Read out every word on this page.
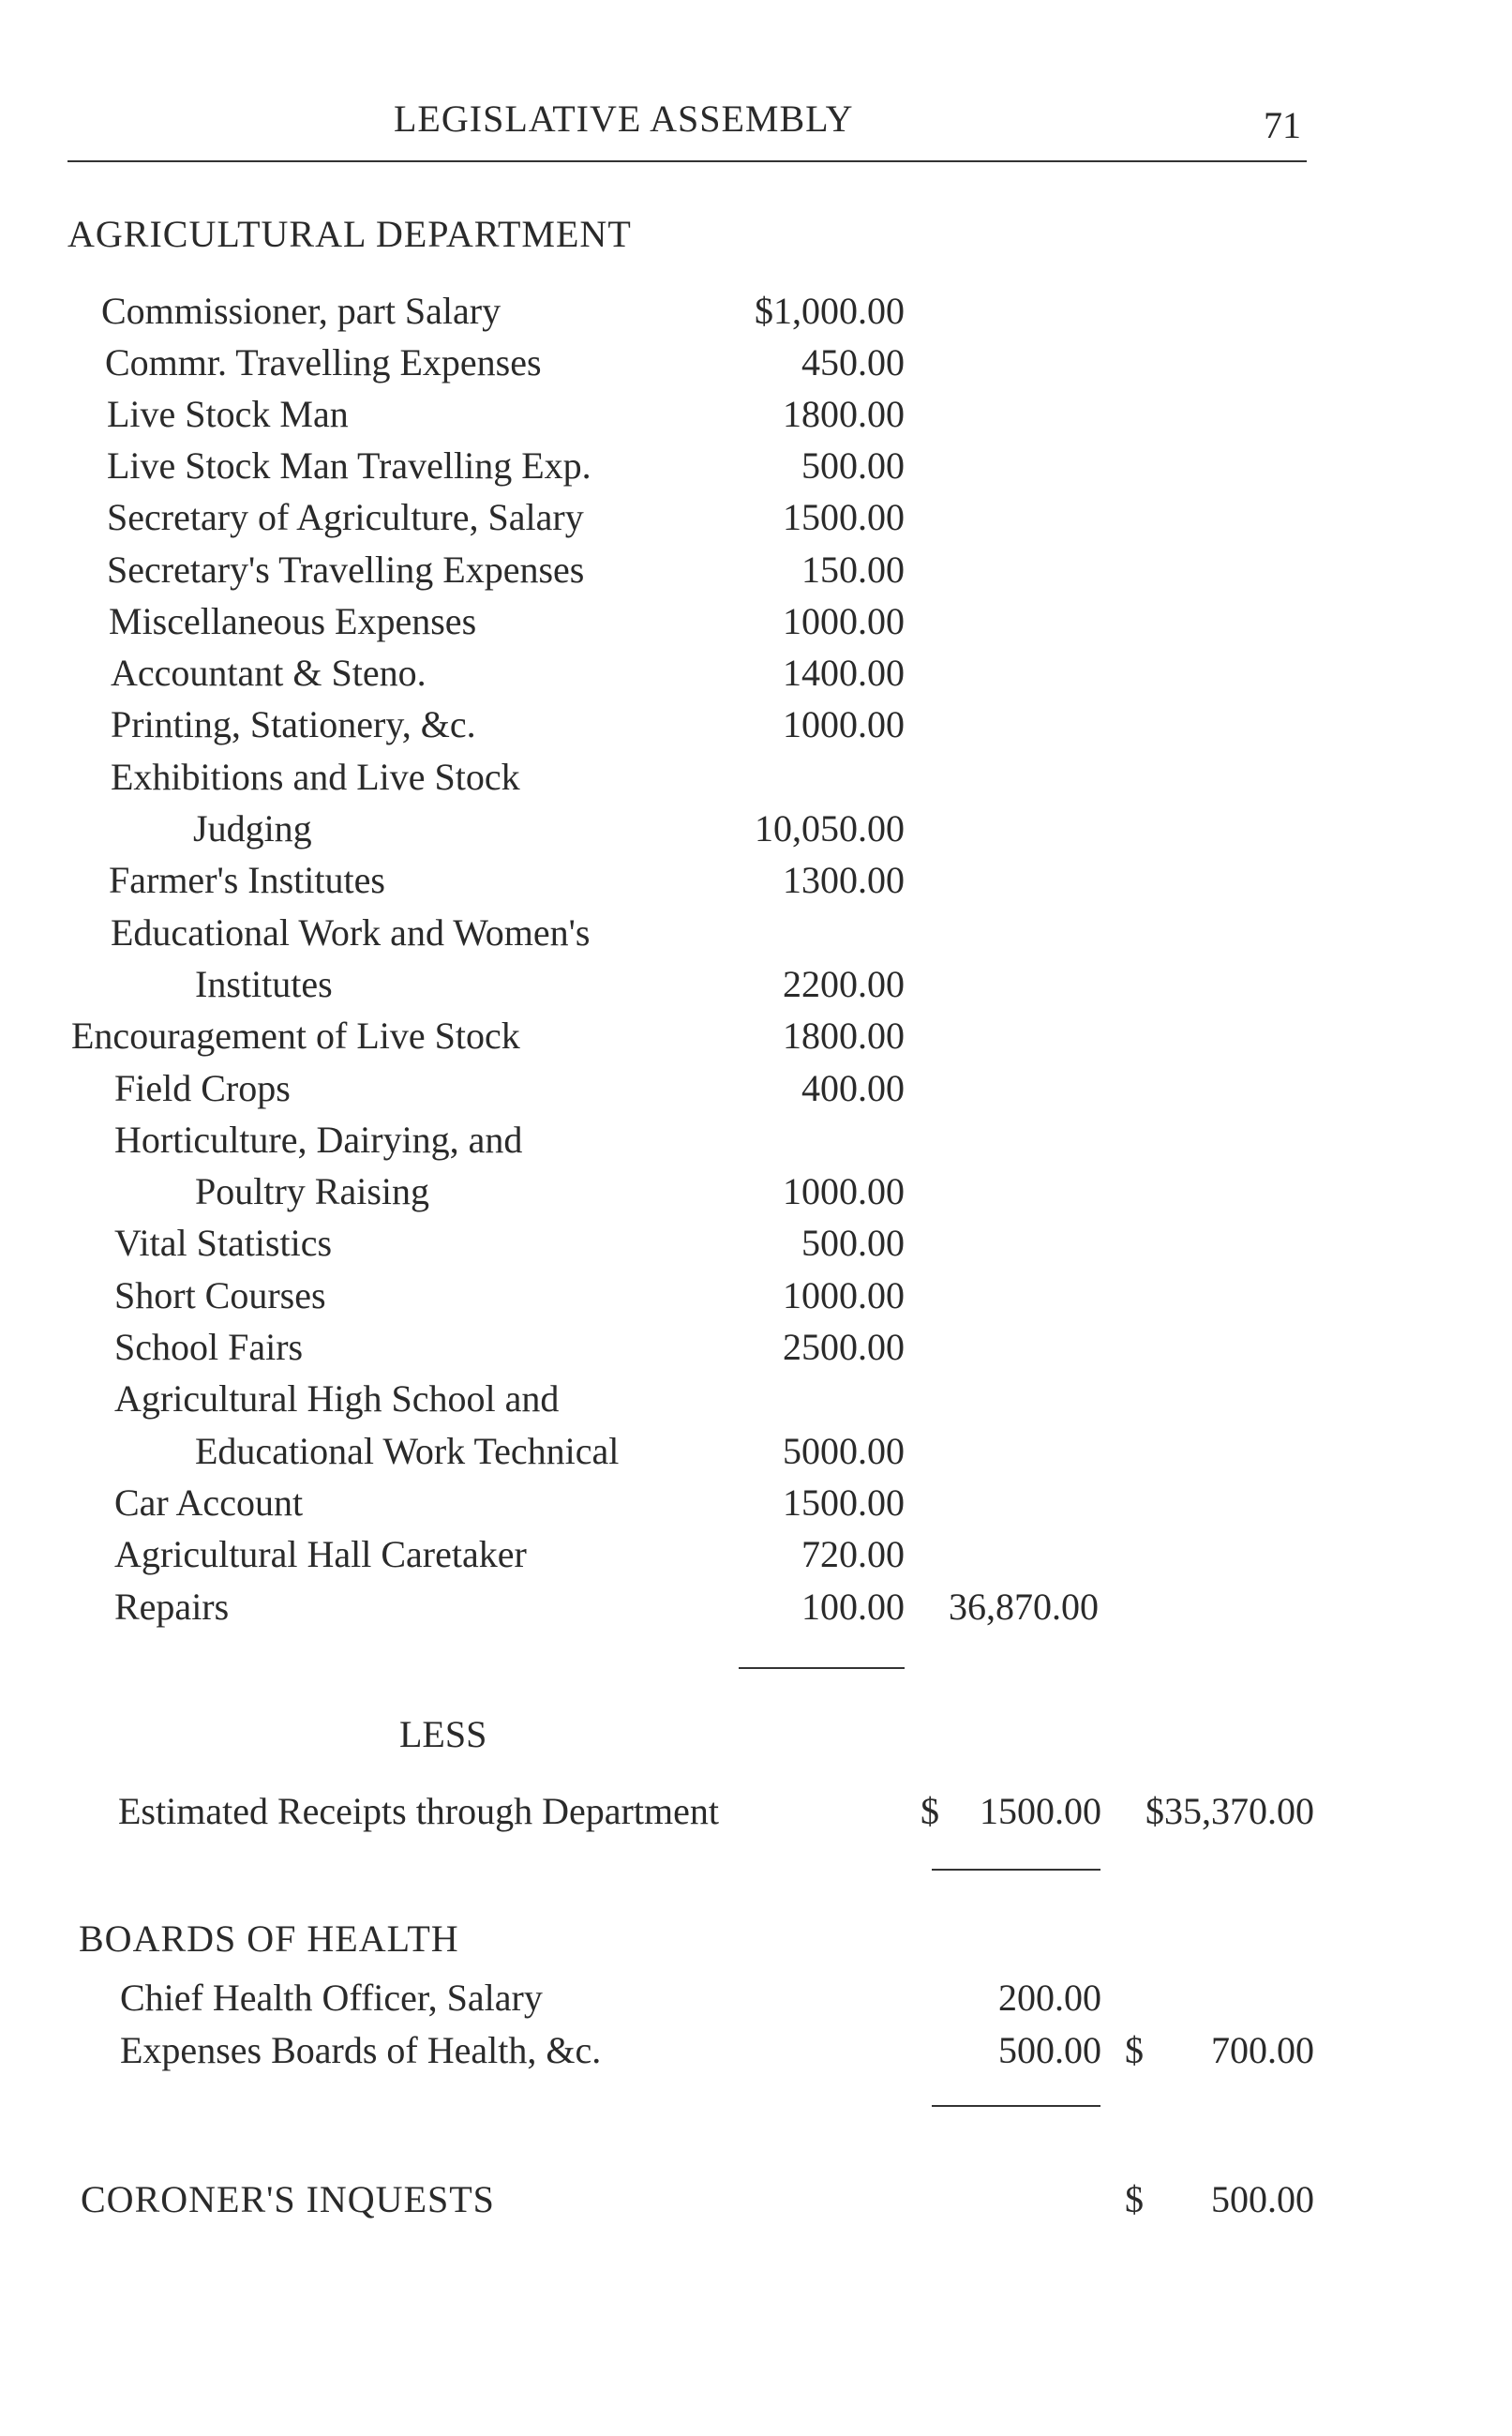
LEGISLATIVE ASSEMBLY	71
AGRICULTURAL DEPARTMENT
Commissioner, part Salary	$1,000.00
Commr. Travelling Expenses	450.00
Live Stock Man	1800.00
Live Stock Man Travelling Exp.	500.00
Secretary of Agriculture, Salary	1500.00
Secretary's Travelling Expenses	150.00
Miscellaneous Expenses	1000.00
Accountant & Steno.	1400.00
Printing, Stationery, &c.	1000.00
Exhibitions and Live Stock
Judging	10,050.00
Farmer's Institutes	1300.00
Educational Work and Women's
Institutes	2200.00
Encouragement of Live Stock	1800.00
Field Crops	400.00
Horticulture, Dairying, and
Poultry Raising	1000.00
Vital Statistics	500.00
Short Courses	1000.00
School Fairs	2500.00
Agricultural High School and
Educational Work Technical	5000.00
Car Account	1500.00
Agricultural Hall Caretaker	720.00
Repairs	100.00	36,870.00
LESS
Estimated Receipts through Department	$	1500.00	$35,370.00
BOARDS OF HEALTH
Chief Health Officer, Salary	200.00
Expenses Boards of Health, &c.	500.00 $	700.00
CORONER'S INQUESTS	$	500.00
